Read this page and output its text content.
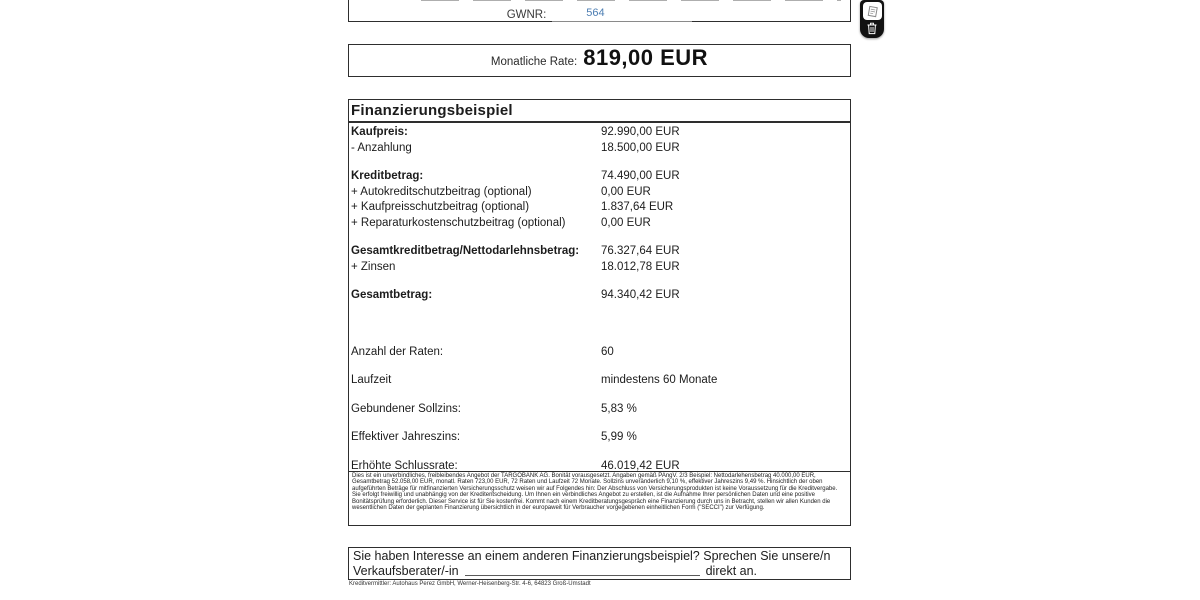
GWNR:	564
Monatliche Rate: 819,00 EUR
Finanzierungsbeispiel
Kaufpreis:	92.990,00 EUR
- Anzahlung	18.500,00 EUR
Kreditbetrag:	74.490,00 EUR
+ Autokreditschutzbeitrag (optional)	0,00 EUR
+ Kaufpreisschutzbeitrag (optional)	1.837,64 EUR
+ Reparaturkostenschutzbeitrag (optional)	0,00 EUR
Gesamtkreditbetrag/Nettodarlehnsbetrag: 76.327,64 EUR
+ Zinsen	18.012,78 EUR
Gesamtbetrag:	94.340,42 EUR
Anzahl der Raten:	60
Laufzeit	mindestens 60 Monate
Gebundener Sollzins:	5,83 %
Effektiver Jahreszins:	5,99 %
Erhöhte Schlussrate:	46.019,42 EUR
Dies ist ein unverbindliches, freibleibendes Angebot der TARGOBANK AG. Bonität vorausgesetzt. Angaben gemäß PAngV. 2/3 Beispiel: Nettodarlehensbetrag 40.000,00 EUR, Gesamtbetrag 52.058,00 EUR, monatl. Raten 723,00 EUR, 72 Raten und Laufzeit 72 Monate. Sollzins unveränderlich 9,10 %, effektiver Jahreszins 9,49 %. Hinsichtlich der oben aufgeführten Beträge für mitfinanzierten Versicherungsschutz weisen wir auf Folgendes hin: Der Abschluss von Versicherungsprodukten ist keine Voraussetzung für die Kreditvergabe. Sie erfolgt freiwillig und unabhängig von der Kreditentscheidung. Um Ihnen ein verbindliches Angebot zu erstellen, ist die Aufnahme Ihrer persönlichen Daten und eine positive Bonitätsprüfung erforderlich. Dieser Service ist für Sie kostenfrei. Kommt nach einem Kreditberatungsgespräch eine Finanzierung durch uns in Betracht, stellen wir allen Kunden die wesentlichen Daten der geplanten Finanzierung übersichtlich in der europaweit für Verbraucher vorgegebenen einheitlichen Form ("SECCI") zur Verfügung.
Sie haben Interesse an einem anderen Finanzierungsbeispiel? Sprechen Sie unsere/n
Verkaufsberater/-in	direkt an.
Kreditvermittler: Autohaus Perez GmbH, Werner-Heisenberg-Str. 4-6, 64823 Groß-Umstadt
